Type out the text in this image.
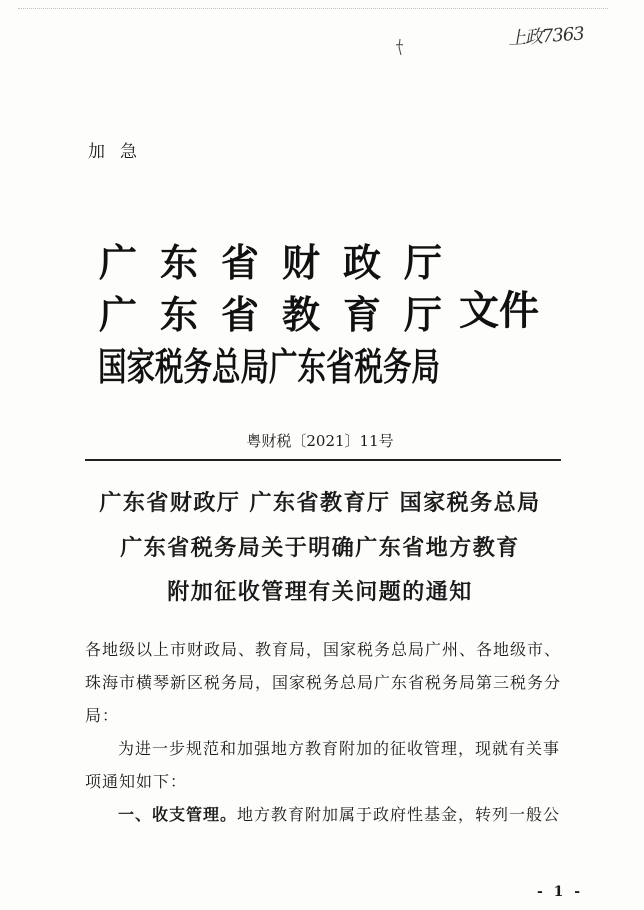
上政7363
加急
广东省财政厅
广东省教育厅
国家税务总局广东省税务局
文件
粤财税〔2021〕11号
广东省财政厅 广东省教育厅 国家税务总局
广东省税务局关于明确广东省地方教育
附加征收管理有关问题的通知
各地级以上市财政局、教育局，国家税务总局广州、各地级市、
珠海市横琴新区税务局，国家税务总局广东省税务局第三税务分
局：
为进一步规范和加强地方教育附加的征收管理，现就有关事
项通知如下：
一、收支管理。地方教育附加属于政府性基金，转列一般公
- 1 -
